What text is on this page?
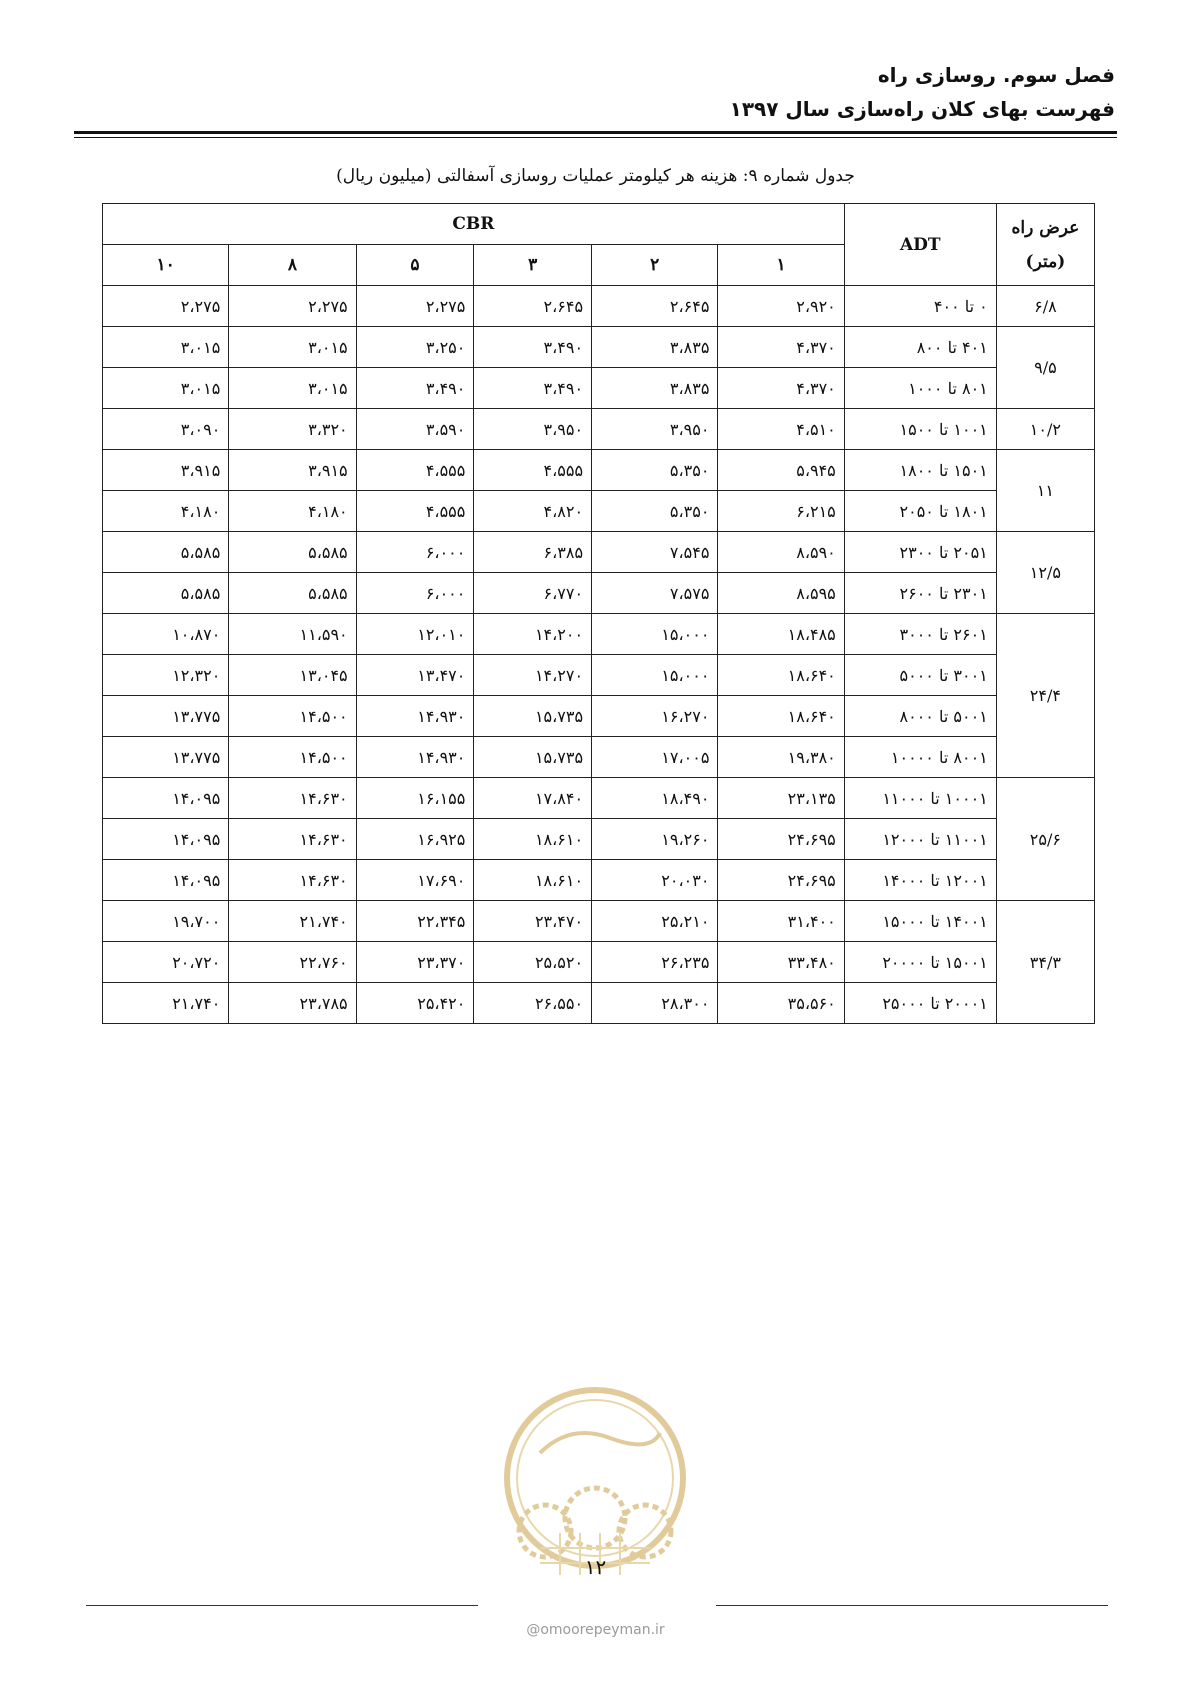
فصل سوم. روسازی راه
فهرست بهای کلان راه‌سازی سال ۱۳۹۷
جدول شماره ۹: هزینه هر کیلومتر عملیات روسازی آسفالتی (میلیون ریال)
CBR						ADT	عرض راه (متر)
۱۰	۸	۵	۳	۲	۱		
۲،۲۷۵	۲،۲۷۵	۲،۲۷۵	۲،۶۴۵	۲،۶۴۵	۲،۹۲۰	۰ تا ۴۰۰	۶/۸
۳،۰۱۵	۳،۰۱۵	۳،۲۵۰	۳،۴۹۰	۳،۸۳۵	۴،۳۷۰	۴۰۱ تا ۸۰۰	۹/۵
۳،۰۱۵	۳،۰۱۵	۳،۴۹۰	۳،۴۹۰	۳،۸۳۵	۴،۳۷۰	۸۰۱ تا ۱۰۰۰	
۳،۰۹۰	۳،۳۲۰	۳،۵۹۰	۳،۹۵۰	۳،۹۵۰	۴،۵۱۰	۱۰۰۱ تا ۱۵۰۰	۱۰/۲
۳،۹۱۵	۳،۹۱۵	۴،۵۵۵	۴،۵۵۵	۵،۳۵۰	۵،۹۴۵	۱۵۰۱ تا ۱۸۰۰	۱۱
۴،۱۸۰	۴،۱۸۰	۴،۵۵۵	۴،۸۲۰	۵،۳۵۰	۶،۲۱۵	۱۸۰۱ تا ۲۰۵۰	
۵،۵۸۵	۵،۵۸۵	۶،۰۰۰	۶،۳۸۵	۷،۵۴۵	۸،۵۹۰	۲۰۵۱ تا ۲۳۰۰	۱۲/۵
۵،۵۸۵	۵،۵۸۵	۶،۰۰۰	۶،۷۷۰	۷،۵۷۵	۸،۵۹۵	۲۳۰۱ تا ۲۶۰۰	
۱۰،۸۷۰	۱۱،۵۹۰	۱۲،۰۱۰	۱۴،۲۰۰	۱۵،۰۰۰	۱۸،۴۸۵	۲۶۰۱ تا ۳۰۰۰	۲۴/۴
۱۲،۳۲۰	۱۳،۰۴۵	۱۳،۴۷۰	۱۴،۲۷۰	۱۵،۰۰۰	۱۸،۶۴۰	۳۰۰۱ تا ۵۰۰۰	
۱۳،۷۷۵	۱۴،۵۰۰	۱۴،۹۳۰	۱۵،۷۳۵	۱۶،۲۷۰	۱۸،۶۴۰	۵۰۰۱ تا ۸۰۰۰	
۱۳،۷۷۵	۱۴،۵۰۰	۱۴،۹۳۰	۱۵،۷۳۵	۱۷،۰۰۵	۱۹،۳۸۰	۸۰۰۱ تا ۱۰۰۰۰	
۱۴،۰۹۵	۱۴،۶۳۰	۱۶،۱۵۵	۱۷،۸۴۰	۱۸،۴۹۰	۲۳،۱۳۵	۱۰۰۰۱ تا ۱۱۰۰۰	۲۵/۶
۱۴،۰۹۵	۱۴،۶۳۰	۱۶،۹۲۵	۱۸،۶۱۰	۱۹،۲۶۰	۲۴،۶۹۵	۱۱۰۰۱ تا ۱۲۰۰۰	
۱۴،۰۹۵	۱۴،۶۳۰	۱۷،۶۹۰	۱۸،۶۱۰	۲۰،۰۳۰	۲۴،۶۹۵	۱۲۰۰۱ تا ۱۴۰۰۰	
۱۹،۷۰۰	۲۱،۷۴۰	۲۲،۳۴۵	۲۳،۴۷۰	۲۵،۲۱۰	۳۱،۴۰۰	۱۴۰۰۱ تا ۱۵۰۰۰	۳۴/۳
۲۰،۷۲۰	۲۲،۷۶۰	۲۳،۳۷۰	۲۵،۵۲۰	۲۶،۲۳۵	۳۳،۴۸۰	۱۵۰۰۱ تا ۲۰۰۰۰	
۲۱،۷۴۰	۲۳،۷۸۵	۲۵،۴۲۰	۲۶،۵۵۰	۲۸،۳۰۰	۳۵،۵۶۰	۲۰۰۰۱ تا ۲۵۰۰۰	
۱۲
@omoorepeyman.ir
